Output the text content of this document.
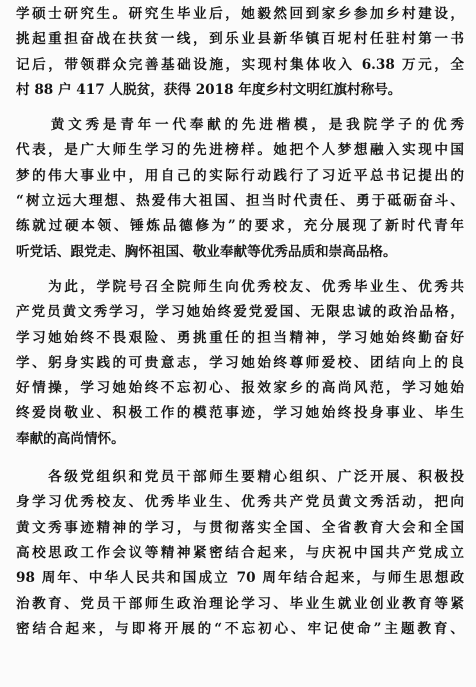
学硕士研究生。研究生毕业后，她毅然回到家乡参加乡村建设，
挑起重担奋战在扶贫一线，到乐业县新华镇百坭村任驻村第一书
记后，带领群众完善基础设施，实现村集体收入 6.38 万元，全
村 88 户 417 人脱贫，获得 2018 年度乡村文明红旗村称号。
　　黄文秀是青年一代奉献的先进楷模，是我院学子的优秀
代表，是广大师生学习的先进榜样。她把个人梦想融入实现中国
梦的伟大事业中，用自己的实际行动践行了习近平总书记提出的
“树立远大理想、热爱伟大祖国、担当时代责任、勇于砥砺奋斗、
练就过硬本领、锤炼品德修为”的要求，充分展现了新时代青年
听党话、跟党走、胸怀祖国、敬业奉献等优秀品质和崇高品格。
　　为此，学院号召全院师生向优秀校友、优秀毕业生、优秀共
产党员黄文秀学习，学习她始终爱党爱国、无限忠诚的政治品格，
学习她始终不畏艰险、勇挑重任的担当精神，学习她始终勤奋好
学、躬身实践的可贵意志，学习她始终尊师爱校、团结向上的良
好情操，学习她始终不忘初心、报效家乡的高尚风范，学习她始
终爱岗敬业、积极工作的模范事迹，学习她始终投身事业、毕生
奉献的高尚情怀。
　　各级党组织和党员干部师生要精心组织、广泛开展、积极投
身学习优秀校友、优秀毕业生、优秀共产党员黄文秀活动，把向
黄文秀事迹精神的学习，与贯彻落实全国、全省教育大会和全国
高校思政工作会议等精神紧密结合起来，与庆祝中国共产党成立
98 周年、中华人民共和国成立 70 周年结合起来，与师生思想政
治教育、党员干部师生政治理论学习、毕业生就业创业教育等紧
密结合起来，与即将开展的“不忘初心、牢记使命”主题教育、
